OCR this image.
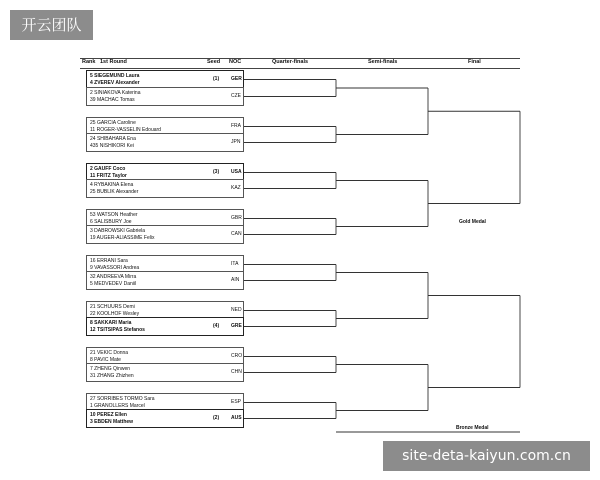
开云团队
Rank 1st Round	Seed NOC	Quarter-finals	Semi-finals	Final
5 SIEGEMUND Laura
4 ZVEREV Alexander
(1) GER
2 SINIAKOVA Katerina
39 MACHAC Tomas
CZE
25 GARCIA Caroline
11 ROGER-VASSELIN Edouard
FRA
24 SHIBAHARA Ena
435 NISHIKORI Kei
JPN
2 GAUFF Coco
11 FRITZ Taylor
(3) USA
4 RYBAKINA Elena
25 BUBLIK Alexander
KAZ
53 WATSON Heather
6 SALISBURY Joe
GBR
3 DABROWSKI Gabriela
19 AUGER-ALIASSIME Felix
CAN
16 ERRANI Sara
9 VAVASSORI Andrea
ITA
32 ANDREEVA Mirra
5 MEDVEDEV Daniil
AIN
21 SCHUURS Demi
22 KOOLHOF Wesley
NED
8 SAKKARI Maria
12 TSITSIPAS Stefanos
(4) GRE
21 VEKIC Donna
8 PAVIC Mate
CRO
7 ZHENG Qinwen
31 ZHANG Zhizhen
CHN
27 SORRIBES TORMO Sara
1 GRANOLLERS Marcel
ESP
10 PEREZ Ellen
3 EBDEN Matthew
(2) AUS
Gold Medal
Bronze Medal
site-deta-kaiyun.com.cn
